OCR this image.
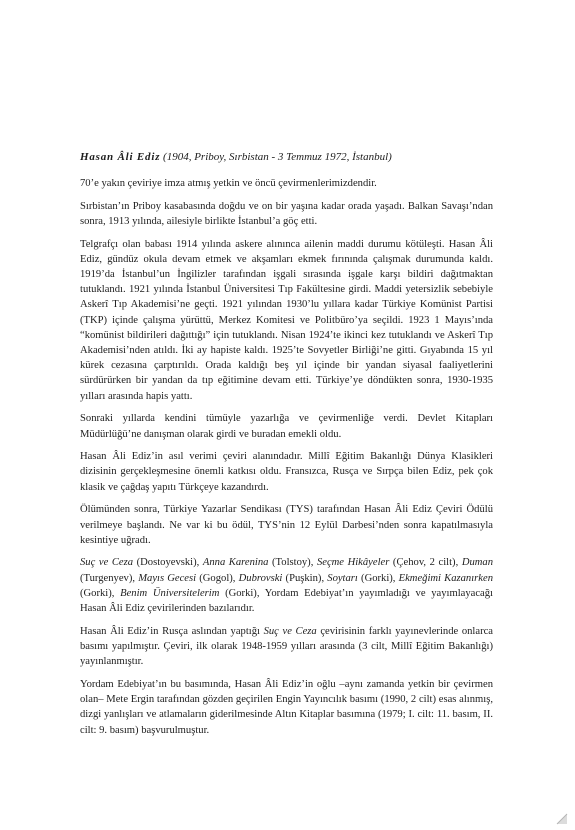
Hasan Âli Ediz (1904, Priboy, Sırbistan - 3 Temmuz 1972, İstanbul)

70’e yakın çeviriye imza atmış yetkin ve öncü çevirmenlerimizdendir.

Sırbistan’ın Priboy kasabasında doğdu ve on bir yaşına kadar orada yaşadı. Balkan Savaşı’ndan sonra, 1913 yılında, ailesiyle birlikte İstanbul’a göç etti.

Telgrafçı olan babası 1914 yılında askere alınınca ailenin maddi durumu kötüleşti. Hasan Âli Ediz, gündüz okula devam etmek ve akşamları ekmek fırınında çalışmak durumunda kaldı. 1919’da İstanbul’un İngilizler tarafından işgali sırasında işgale karşı bildiri dağıtmaktan tutuklandı. 1921 yılında İstanbul Üniversitesi Tıp Fakültesine girdi. Maddi yetersizlik sebebiyle Askerî Tıp Akademisi’ne geçti. 1921 yılından 1930’lu yıllara kadar Türkiye Komünist Partisi (TKP) içinde çalışma yürüttü, Merkez Komitesi ve Politbüro’ya seçildi. 1923 1 Mayıs’ında “komünist bildirileri dağıttığı” için tutuklandı. Nisan 1924’te ikinci kez tutuklandı ve Askerî Tıp Akademisi’nden atıldı. İki ay hapiste kaldı. 1925’te Sovyetler Birliği’ne gitti. Gıyabında 15 yıl kürek cezasına çarptırıldı. Orada kaldığı beş yıl içinde bir yandan siyasal faaliyetlerini sürdürürken bir yandan da tıp eğitimine devam etti. Türkiye’ye döndükten sonra, 1930-1935 yılları arasında hapis yattı.

Sonraki yıllarda kendini tümüyle yazarlığa ve çevirmenliğe verdi. Devlet Kitapları Müdürlüğü’ne danışman olarak girdi ve buradan emekli oldu.

Hasan Âli Ediz’in asıl verimi çeviri alanındadır. Millî Eğitim Bakanlığı Dünya Klasikleri dizisinin gerçekleşmesine önemli katkısı oldu. Fransızca, Rusça ve Sırpça bilen Ediz, pek çok klasik ve çağdaş yapıtı Türkçeye kazandırdı.

Ölümünden sonra, Türkiye Yazarlar Sendikası (TYS) tarafından Hasan Âli Ediz Çeviri Ödülü verilmeye başlandı. Ne var ki bu ödül, TYS’nin 12 Eylül Darbesi’nden sonra kapatılmasıyla kesintiye uğradı.

Suç ve Ceza (Dostoyevski), Anna Karenina (Tolstoy), Seçme Hikâyeler (Çehov, 2 cilt), Duman (Turgenyev), Mayıs Gecesi (Gogol), Dubrovski (Puşkin), Soytarı (Gorki), Ekmeğimi Kazanırken (Gorki), Benim Üniversitelerim (Gorki), Yordam Edebiyat’ın yayımladığı ve yayımlayacağı Hasan Âli Ediz çevirilerinden bazılarıdır.

Hasan Âli Ediz’in Rusça aslından yaptığı Suç ve Ceza çevirisinin farklı yayınevlerinde onlarca basımı yapılmıştır. Çeviri, ilk olarak 1948-1959 yılları arasında (3 cilt, Millî Eğitim Bakanlığı) yayınlanmıştır.

Yordam Edebiyat’ın bu basımında, Hasan Âli Ediz’in oğlu –aynı zamanda yetkin bir çevirmen olan– Mete Ergin tarafından gözden geçirilen Engin Yayıncılık basımı (1990, 2 cilt) esas alınmış, dizgi yanlışları ve atlamaların giderilmesinde Altın Kitaplar basımına (1979; I. cilt: 11. basım, II. cilt: 9. basım) başvurulmuştur.
